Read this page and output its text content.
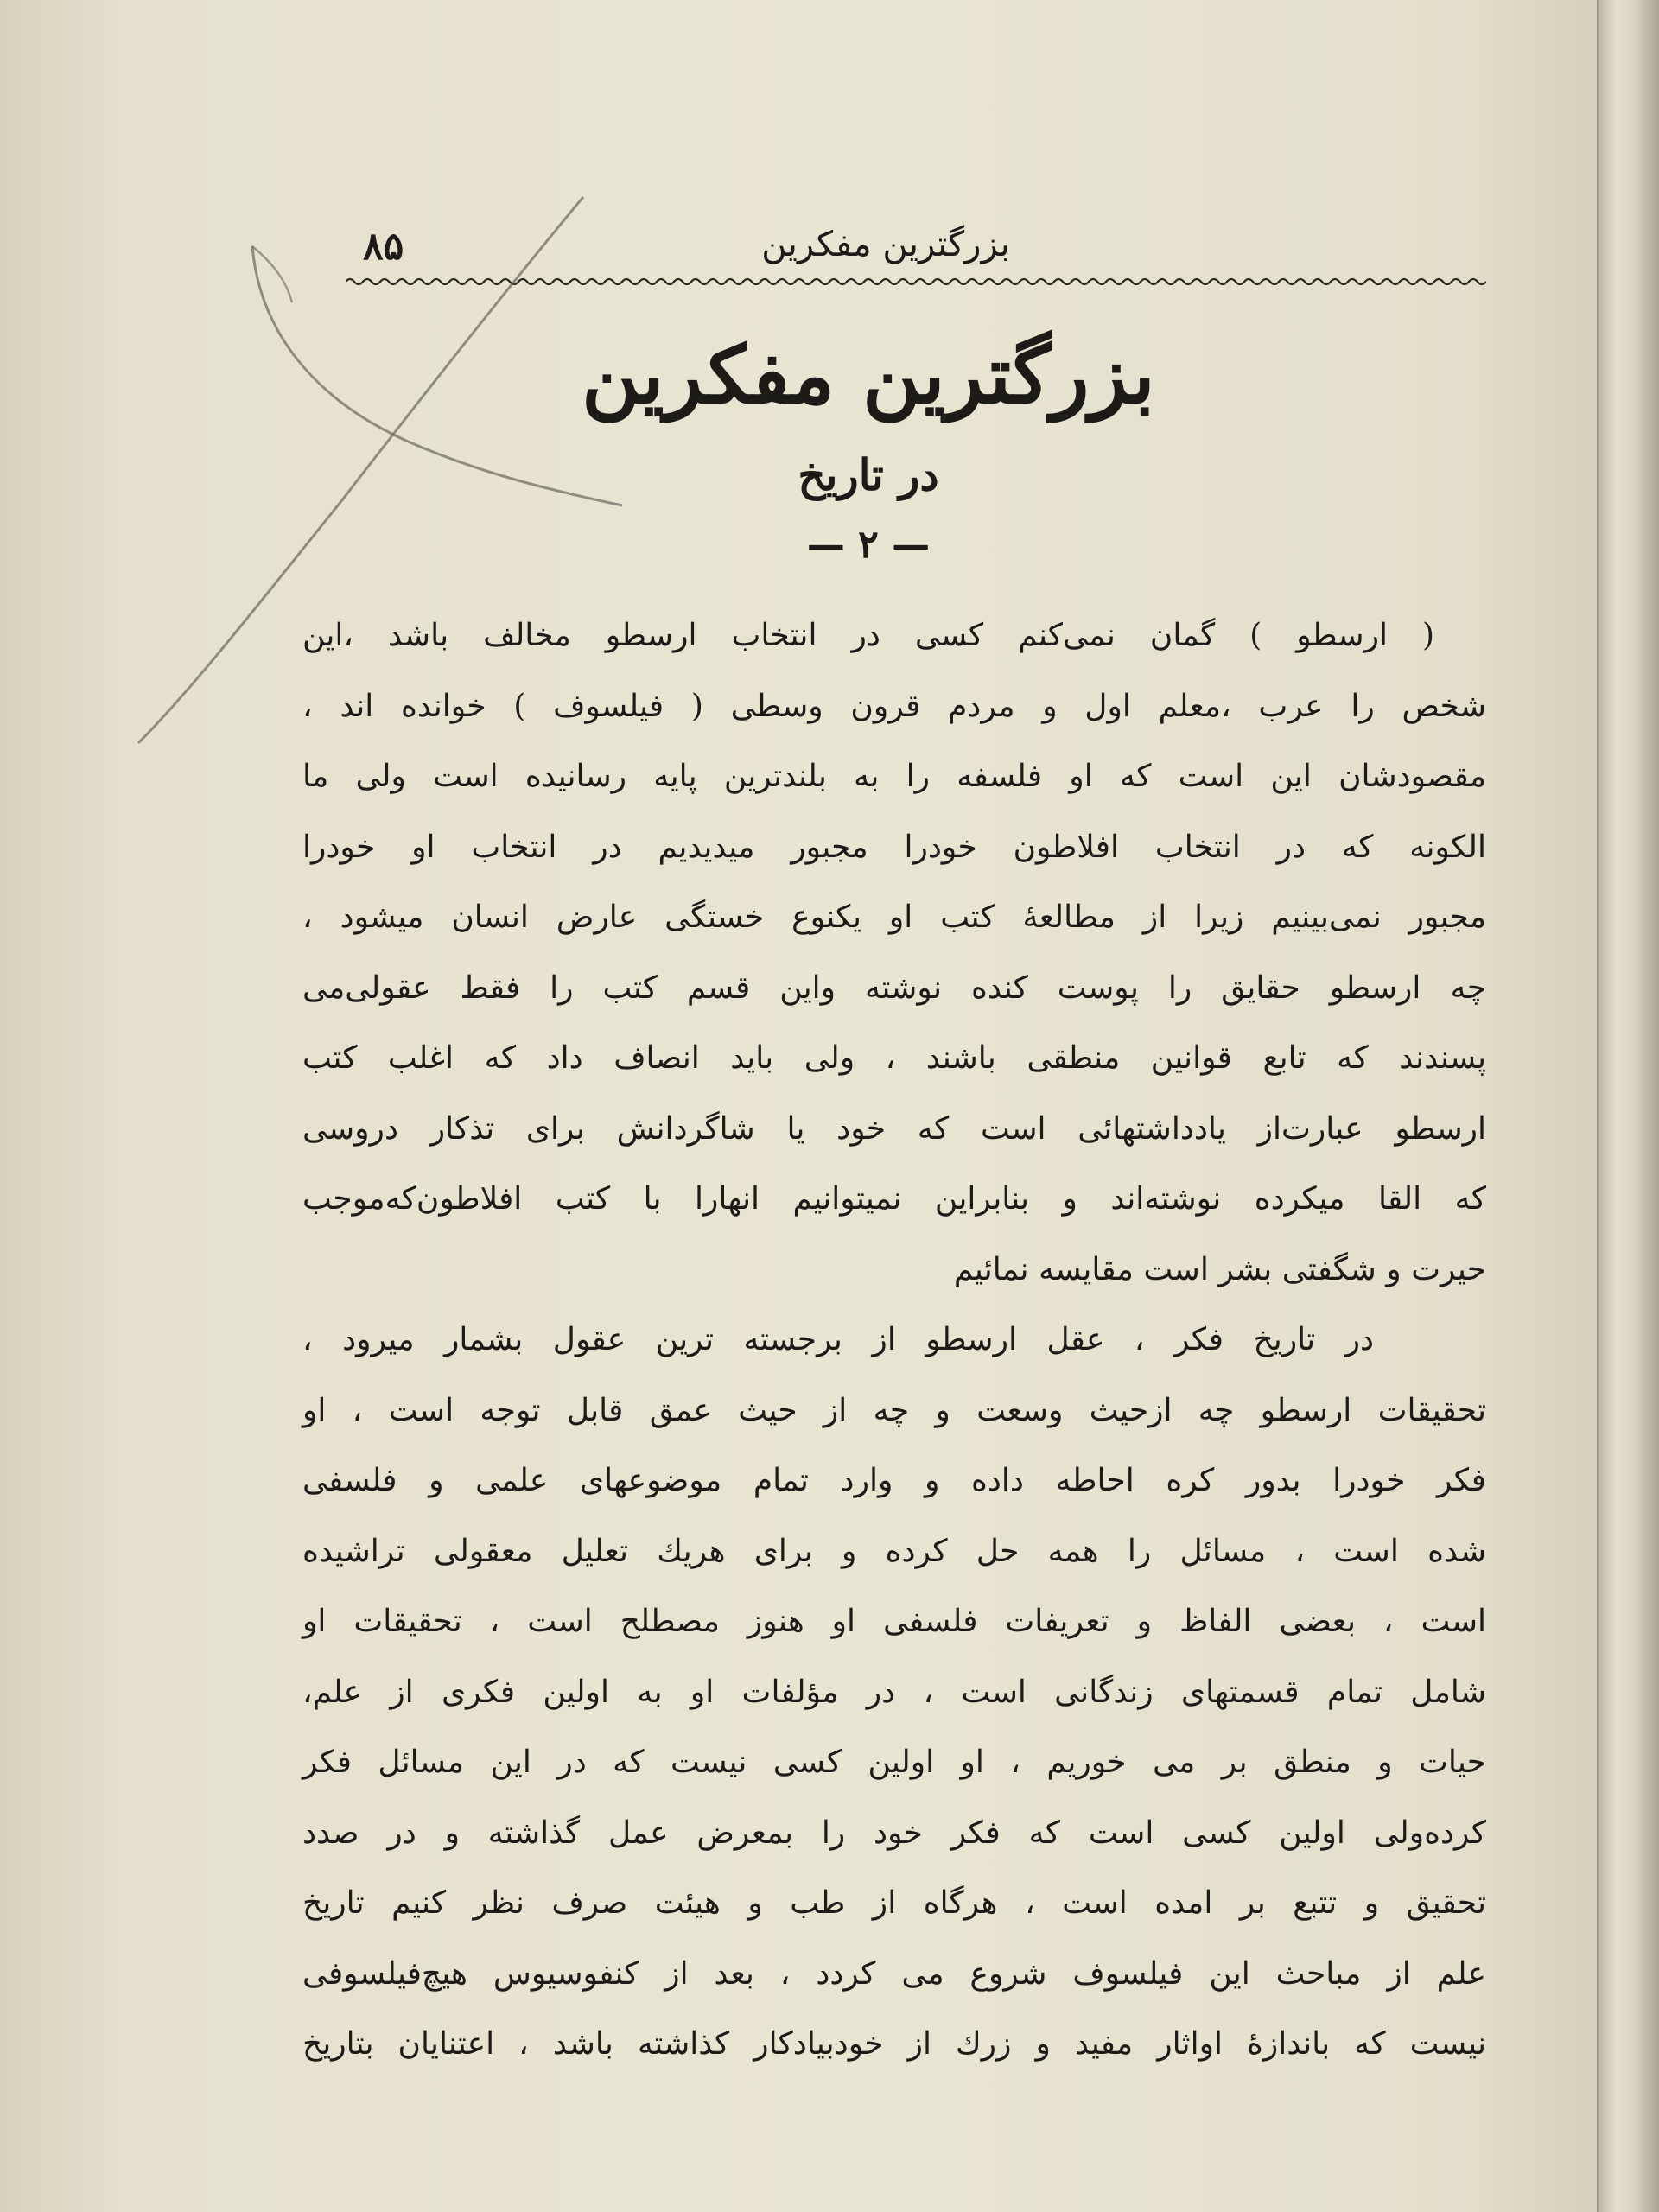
بزرگترین مفکرین
۸۵
بزرگترین مفکرین
در تاریخ
— ۲ —
( ارسطو ) گمان نمی‌کنم کسی در انتخاب ارسطو مخالف باشد ،این
شخص را عرب ،معلم اول و مردم قرون وسطی ( فیلسوف ) خوانده اند ،
مقصودشان این است که او فلسفه را به بلندترین پایه رسانیده است ولی ما
الکونه که در انتخاب افلاطون خودرا مجبور میدیدیم در انتخاب او خودرا
مجبور نمی‌بینیم زیرا از مطالعهٔ کتب او یکنوع خستگی عارض انسان میشود ،
چه ارسطو حقایق را پوست کنده نوشته واین قسم کتب را فقط عقولی‌می
پسندند که تابع قوانین منطقی باشند ، ولی باید انصاف داد که اغلب کتب
ارسطو عبارت‌از یادداشتهائی است که خود یا شاگردانش برای تذکار دروسی
که القا میکرده نوشته‌اند و بنابراین نمیتوانیم انهارا با کتب افلاطون‌که‌موجب
حیرت و شگفتی بشر است مقایسه نمائیم
در تاریخ فکر ، عقل ارسطو از برجسته ترین عقول بشمار میرود ،
تحقیقات ارسطو چه ازحیث وسعت و چه از حیث عمق قابل توجه است ، او
فکر خودرا بدور کره احاطه داده و وارد تمام موضوعهای علمی و فلسفی
شده است ، مسائل را همه حل کرده و برای هریك تعلیل معقولی تراشیده
است ، بعضی الفاظ و تعریفات فلسفی او هنوز مصطلح است ، تحقیقات او
شامل تمام قسمتهای زندگانی است ، در مؤلفات او به اولین فکری از علم،
حیات و منطق بر می خوریم ، او اولین کسی نیست که در این مسائل فکر
کرده‌ولی اولین کسی است که فکر خود را بمعرض عمل گذاشته و در صدد
تحقیق و تتبع بر امده است ، هرگاه از طب و هیئت صرف نظر کنیم تاریخ
علم از مباحث این فیلسوف شروع می کردد ، بعد از کنفوسیوس هیچ‌فیلسوفی
نیست که باندازهٔ اواثار مفید و زرك از خودبیادکار کذاشته باشد ، اعتنایان بتاریخ
